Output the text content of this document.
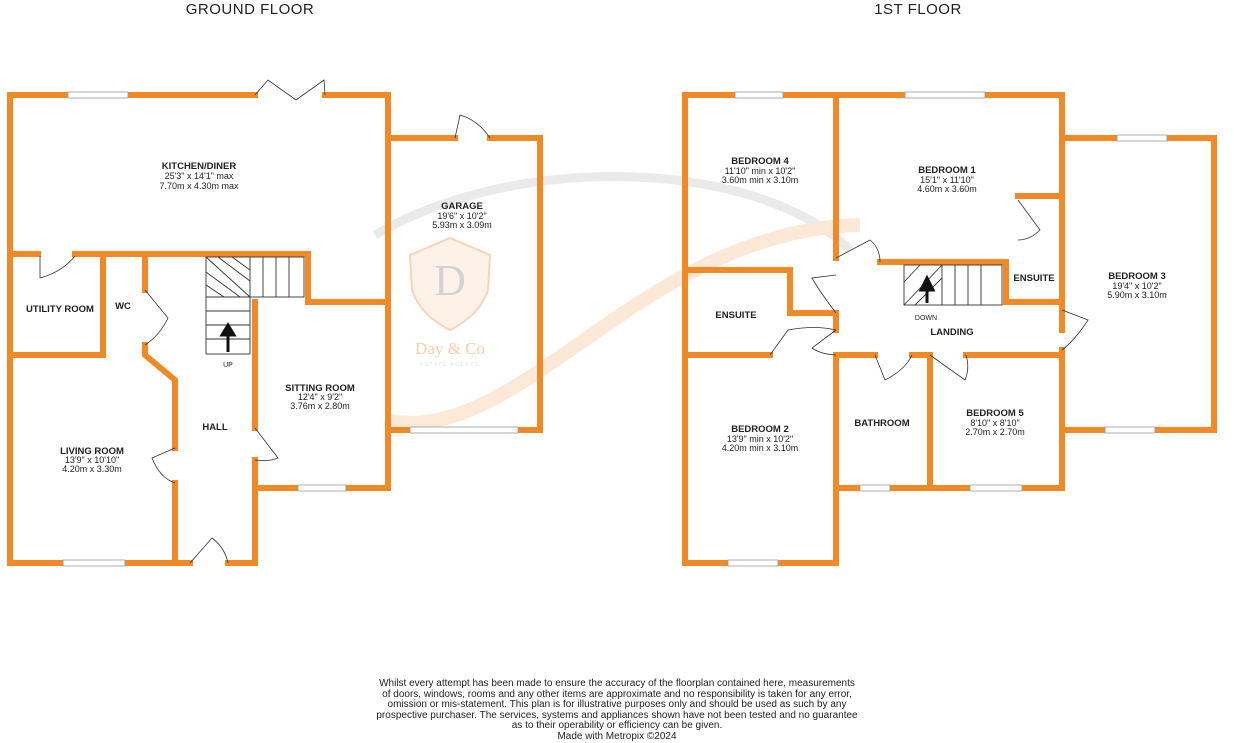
D
Day & Co
ESTATE AGENTS
GROUND FLOOR	1ST FLOOR
UP
KITCHEN/DINER
25'3" x 14'1" max
7.70m x 4.30m max
GARAGE
19'6" x 10'2"
5.93m x 3.09m
UTILITY ROOM WC
HALL
SITTING ROOM
12'4" x 9'2"
3.76m x 2.80m
LIVING ROOM
13'9" x 10'10"
4.20m x 3.30m
DOWN
BEDROOM 4
11'10" min x 10'2"
3.60m min x 3.10m
BEDROOM 1
15'1" x 11'10"
4.60m x 3.60m
ENSUITE	BEDROOM 3
19'4" x 10'2"
5.90m x 3.10m
ENSUITE
LANDING
BEDROOM 2
13'9" min x 10'2"
4.20m min x 3.10m
BATHROOM
BEDROOM 5
8'10" x 8'10"
2.70m x 2.70m
Whilst every attempt has been made to ensure the accuracy of the floorplan contained here, measurements
of doors, windows, rooms and any other items are approximate and no responsibility is taken for any error,
omission or mis-statement. This plan is for illustrative purposes only and should be used as such by any
prospective purchaser. The services, systems and appliances shown have not been tested and no guarantee
as to their operability or efficiency can be given.
Made with Metropix ©2024
